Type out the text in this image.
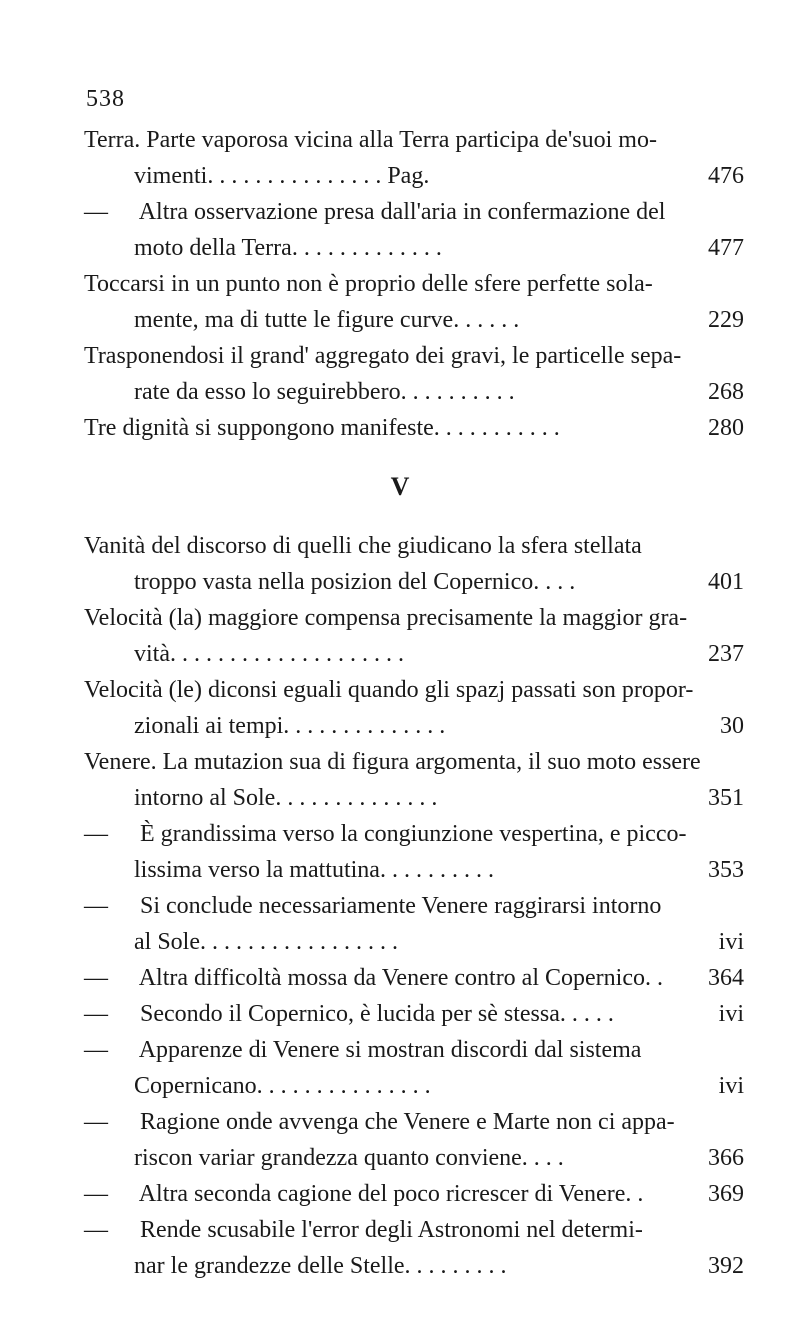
538
Terra. Parte vaporosa vicina alla Terra participa de'suoi mo-
vimenti. . . . . . . . . . . . . . . Pag.	476
— Altra osservazione presa dall'aria in confermazione del
moto della Terra. . . . . . . . . . . . .	477
Toccarsi in un punto non è proprio delle sfere perfette sola-
mente, ma di tutte le figure curve. . . . . .	229
Trasponendosi il grand' aggregato dei gravi, le particelle sepa-
rate da esso lo seguirebbero. . . . . . . . . .	268
Tre dignità si suppongono manifeste. . . . . . . . . . .	280
V
Vanità del discorso di quelli che giudicano la sfera stellata
troppo vasta nella posizion del Copernico. . . .	401
Velocità (la) maggiore compensa precisamente la maggior gra-
vità. . . . . . . . . . . . . . . . . . . .	237
Velocità (le) diconsi eguali quando gli spazj passati son propor-
zionali ai tempi. . . . . . . . . . . . . .	30
Venere. La mutazion sua di figura argomenta, il suo moto essere
intorno al Sole. . . . . . . . . . . . . .	351
— È grandissima verso la congiunzione vespertina, e picco-
lissima verso la mattutina. . . . . . . . . .	353
— Si conclude necessariamente Venere raggirarsi intorno
al Sole. . . . . . . . . . . . . . . . .	ivi
— Altra difficoltà mossa da Venere contro al Copernico. . 364
— Secondo il Copernico, è lucida per sè stessa. . . . .	ivi
— Apparenze di Venere si mostran discordi dal sistema
Copernicano. . . . . . . . . . . . . . .	ivi
— Ragione onde avvenga che Venere e Marte non ci appa-
riscon variar grandezza quanto conviene. . . .	366
— Altra seconda cagione del poco ricrescer di Venere. .	369
— Rende scusabile l'error degli Astronomi nel determi-
nar le grandezze delle Stelle. . . . . . . . .	392
